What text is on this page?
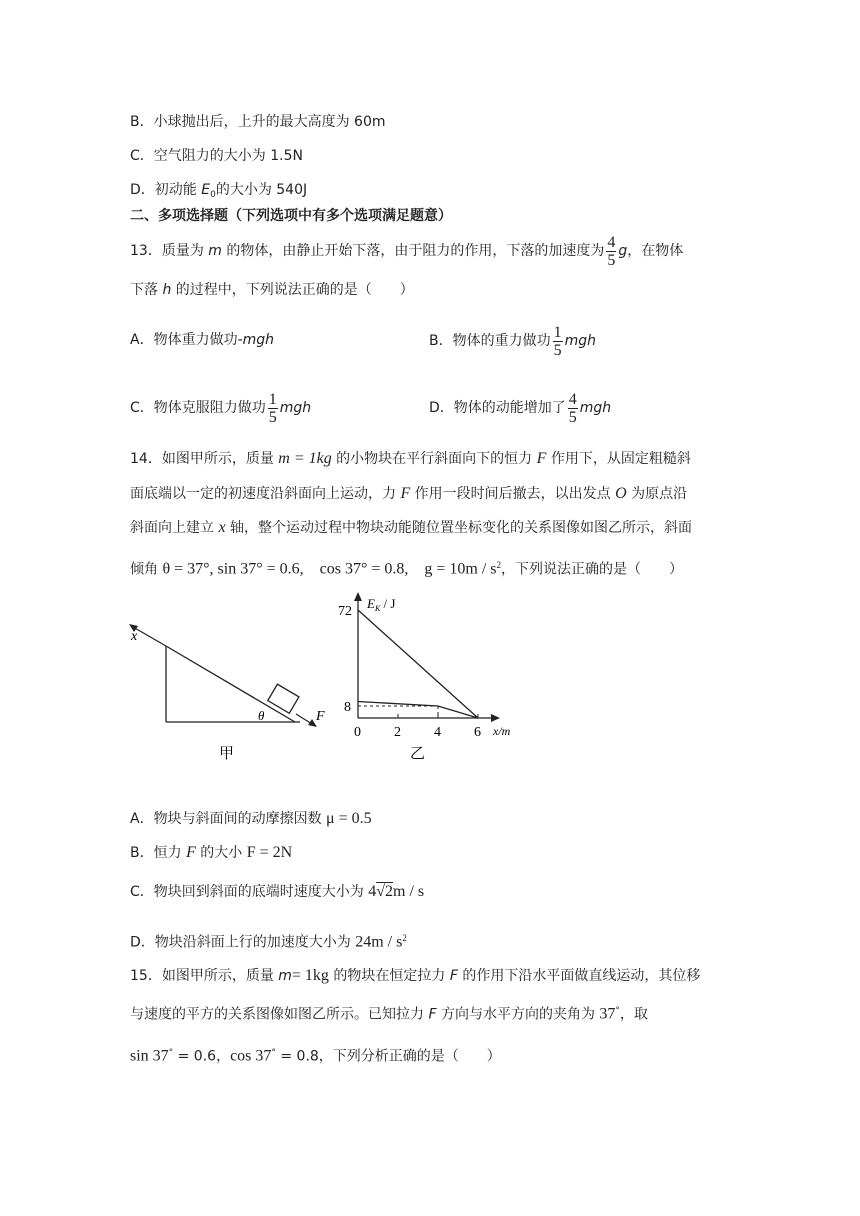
B．小球抛出后，上升的最大高度为 60m
C．空气阻力的大小为 1.5N
D．初动能 $E_0$的大小为 540J
二、多项选择题（下列选项中有多个选项满足题意）
13．质量为 m 的物体，由静止开始下落，由于阻力的作用，下落的加速度为 $\frac{4}{5}$ g，在物体
下落 h 的过程中，下列说法正确的是（　　）
A．物体重力做功-mgh	B．物体的重力做功 $\frac{1}{5}$ mgh
C．物体克服阻力做功 $\frac{1}{5}$ mgh	D．物体的动能增加了 $\frac{4}{5}$ mgh
14．如图甲所示，质量 m = 1kg 的小物块在平行斜面向下的恒力 F 作用下，从固定粗糙斜
面底端以一定的初速度沿斜面向上运动，力 F 作用一段时间后撤去，以出发点 O 为原点沿
斜面向上建立 x 轴，整个运动过程中物块动能随位置坐标变化的关系图像如图乙所示，斜面
倾角 θ = 37°, sin 37° = 0.6,　cos 37° = 0.8,　$g = 10m / s^2$，下列说法正确的是（　　）
x
F
θ
甲
$E_K$ / J
x/m
0 2 4 6
8
72
乙
A．物块与斜面间的动摩擦因数 μ = 0.5
B．恒力 F 的大小 F = 2N
C．物块回到斜面的底端时速度大小为 4√2m / s
D．物块沿斜面上行的加速度大小为 $24m / s^2$
15．如图甲所示，质量 m= 1kg 的物块在恒定拉力 F 的作用下沿水平面做直线运动，其位移
与速度的平方的关系图像如图乙所示。已知拉力 F 方向与水平方向的夹角为 37°，取
sin 37° = 0.6，cos 37° = 0.8，下列分析正确的是（　　）
